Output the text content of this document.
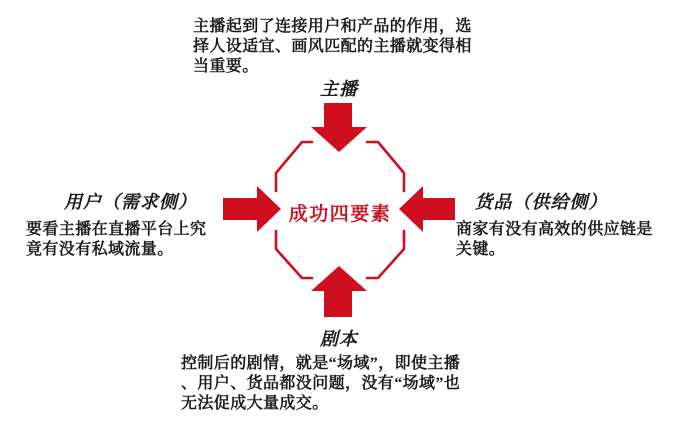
成功四要素
主播起到了连接用户和产品的作用，选
择人设适宜、画风匹配的主播就变得相
当重要。
主播
用户（需求侧）
要看主播在直播平台上究
竟有没有私域流量。
货品（供给侧）
商家有没有高效的供应链是
关键。
剧本
控制后的剧情，就是“场域”，即使主播
、用户、货品都没问题，没有“场域”也
无法促成大量成交。
